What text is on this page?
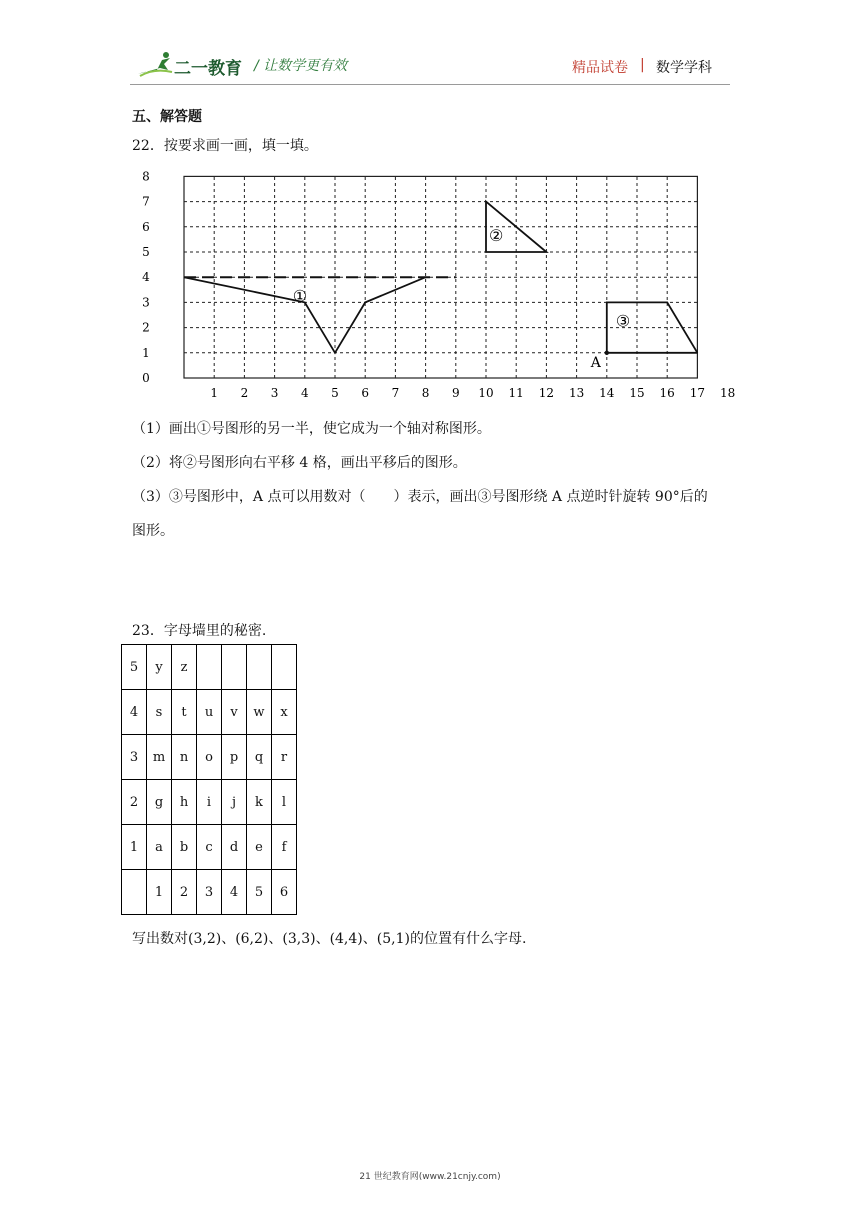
二一教育 / 让数学更有效	精品试卷 | 数学学科
五、解答题
22．按要求画一画，填一填。
1 2 3 4 5 6 7 8 9 10 11 12 13 14 15 16 17 18
0
1
2
3
4
5
6
7
8
①
②
③
A
（1）画出①号图形的另一半，使它成为一个轴对称图形。
（2）将②号图形向右平移 4 格，画出平移后的图形。
（3）③号图形中，A 点可以用数对（　　）表示，画出③号图形绕 A 点逆时针旋转 90°后的
图形。
23．字母墙里的秘密.
5	y	z				
4	s	t	u	v	w	x
3	m	n	o	p	q	r
2	g	h	i	j	k	l
1	a	b	c	d	e	f
	1	2	3	4	5	6
写出数对(3,2)、(6,2)、(3,3)、(4,4)、(5,1)的位置有什么字母.
21 世纪教育网(www.21cnjy.com)
